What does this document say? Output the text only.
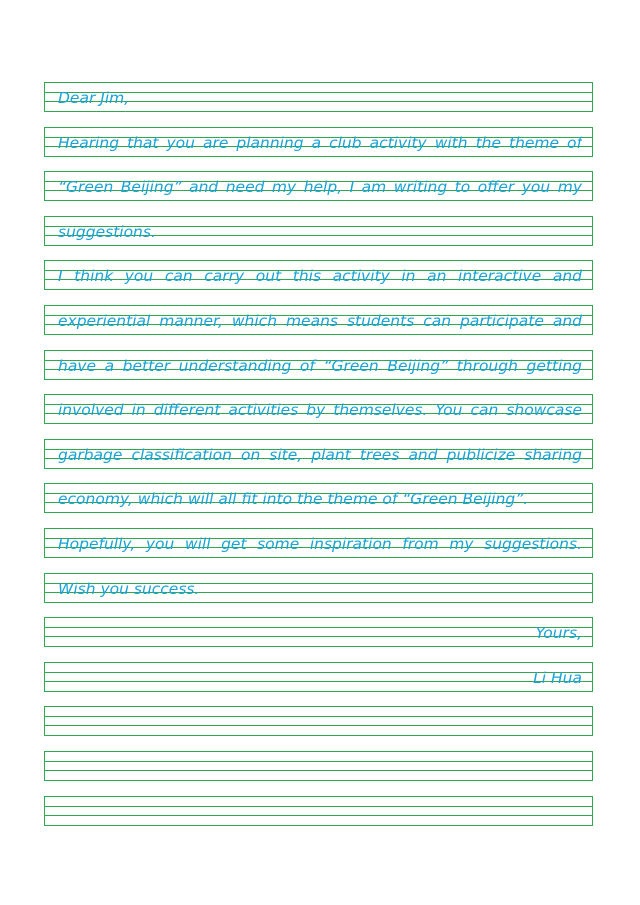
Dear Jim,
Hearing that you are planning a club activity with the theme of
“Green Beijing” and need my help, I am writing to offer you my
suggestions.
I think you can carry out this activity in an interactive and
experiential manner, which means students can participate and
have a better understanding of “Green Beijing” through getting
involved in different activities by themselves. You can showcase
garbage classification on site, plant trees and publicize sharing
economy, which will all fit into the theme of “Green Beijing”.
Hopefully, you will get some inspiration from my suggestions.
Wish you success.
Yours,
Li Hua
